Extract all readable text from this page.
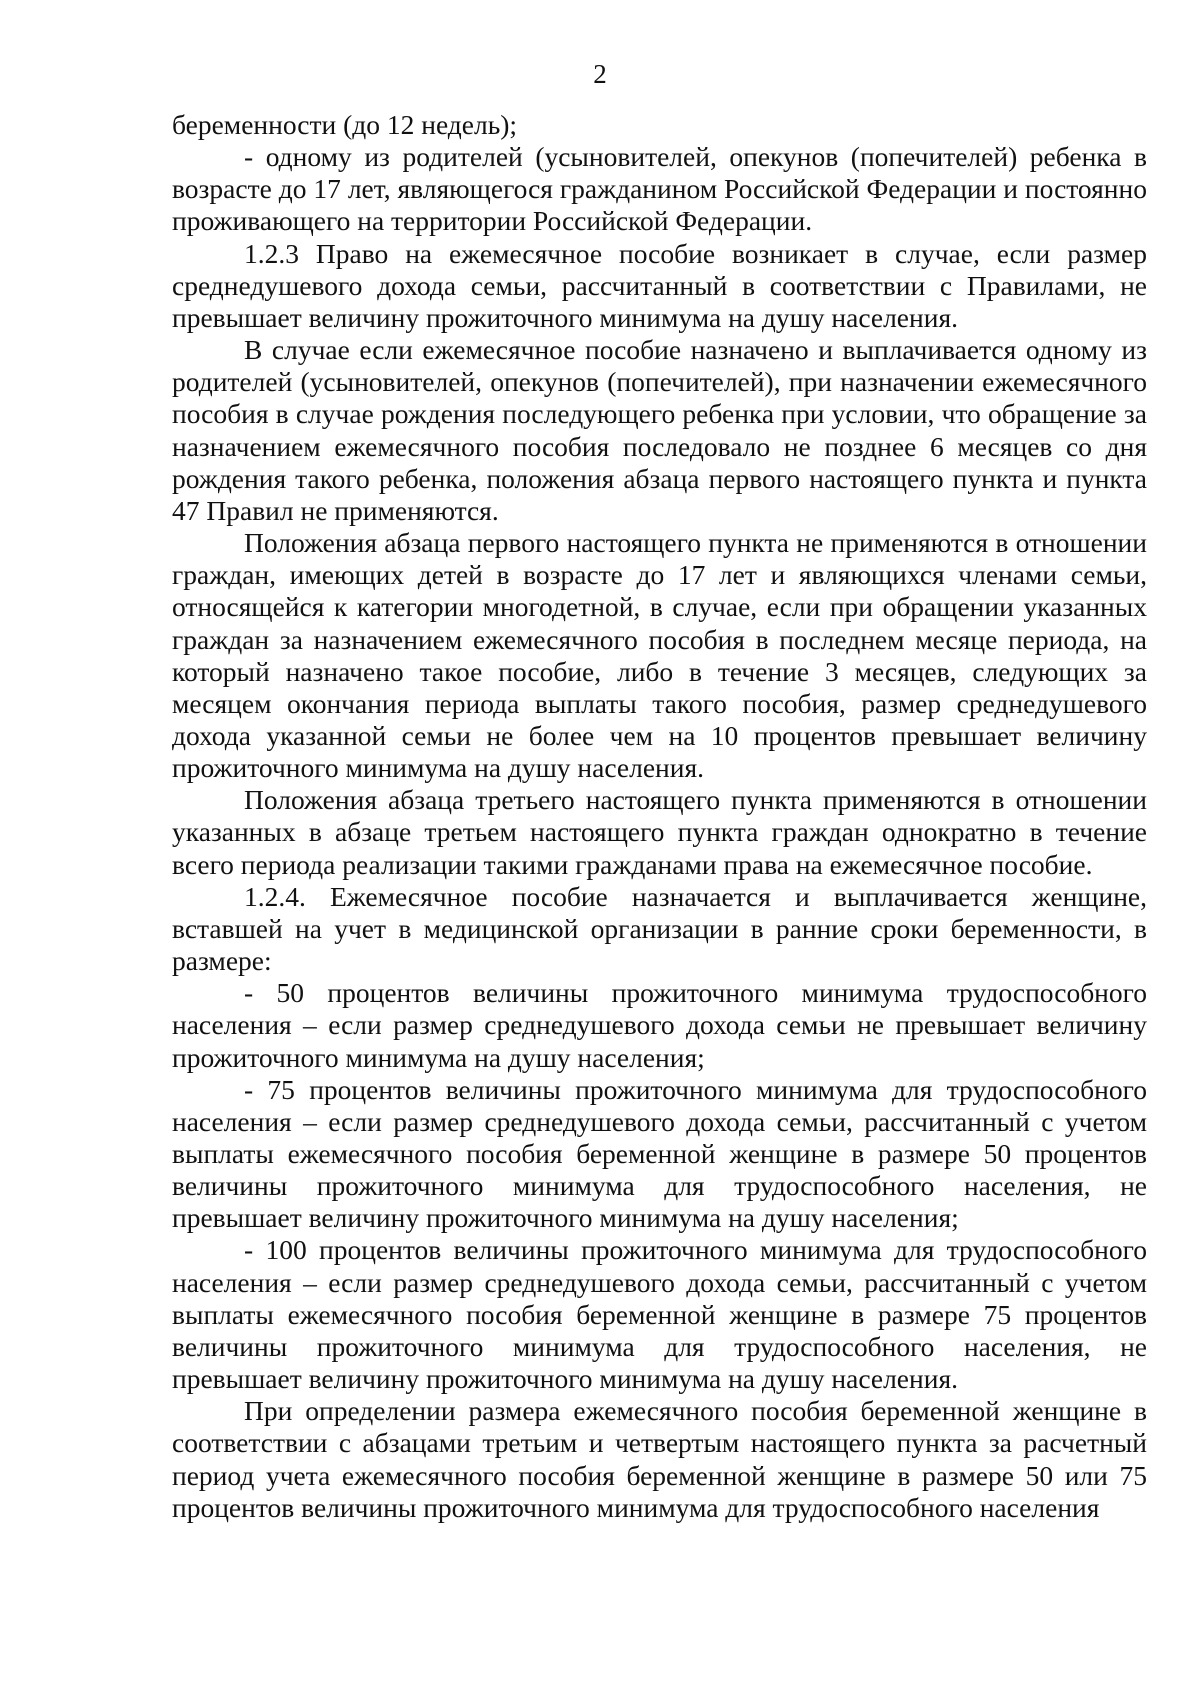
2

беременности (до 12 недель);

- одному из родителей (усыновителей, опекунов (попечителей) ребенка в возрасте до 17 лет, являющегося гражданином Российской Федерации и постоянно проживающего на территории Российской Федерации.

1.2.3 Право на ежемесячное пособие возникает в случае, если размер среднедушевого дохода семьи, рассчитанный в соответствии с Правилами, не превышает величину прожиточного минимума на душу населения.

В случае если ежемесячное пособие назначено и выплачивается одному из родителей (усыновителей, опекунов (попечителей), при назначении ежемесячного пособия в случае рождения последующего ребенка при условии, что обращение за назначением ежемесячного пособия последовало не позднее 6 месяцев со дня рождения такого ребенка, положения абзаца первого настоящего пункта и пункта 47 Правил не применяются.

Положения абзаца первого настоящего пункта не применяются в отношении граждан, имеющих детей в возрасте до 17 лет и являющихся членами семьи, относящейся к категории многодетной, в случае, если при обращении указанных граждан за назначением ежемесячного пособия в последнем месяце периода, на который назначено такое пособие, либо в течение 3 месяцев, следующих за месяцем окончания периода выплаты такого пособия, размер среднедушевого дохода указанной семьи не более чем на 10 процентов превышает величину прожиточного минимума на душу населения.

Положения абзаца третьего настоящего пункта применяются в отношении указанных в абзаце третьем настоящего пункта граждан однократно в течение всего периода реализации такими гражданами права на ежемесячное пособие.

1.2.4. Ежемесячное пособие назначается и выплачивается женщине, вставшей на учет в медицинской организации в ранние сроки беременности, в размере:

- 50 процентов величины прожиточного минимума трудоспособного населения – если размер среднедушевого дохода семьи не превышает величину прожиточного минимума на душу населения;

- 75 процентов величины прожиточного минимума для трудоспособного населения – если размер среднедушевого дохода семьи, рассчитанный с учетом выплаты ежемесячного пособия беременной женщине в размере 50 процентов величины прожиточного минимума для трудоспособного населения, не превышает величину прожиточного минимума на душу населения;

- 100 процентов величины прожиточного минимума для трудоспособного населения – если размер среднедушевого дохода семьи, рассчитанный с учетом выплаты ежемесячного пособия беременной женщине в размере 75 процентов величины прожиточного минимума для трудоспособного населения, не превышает величину прожиточного минимума на душу населения.

При определении размера ежемесячного пособия беременной женщине в соответствии с абзацами третьим и четвертым настоящего пункта за расчетный период учета ежемесячного пособия беременной женщине в размере 50 или 75 процентов величины прожиточного минимума для трудоспособного населения
